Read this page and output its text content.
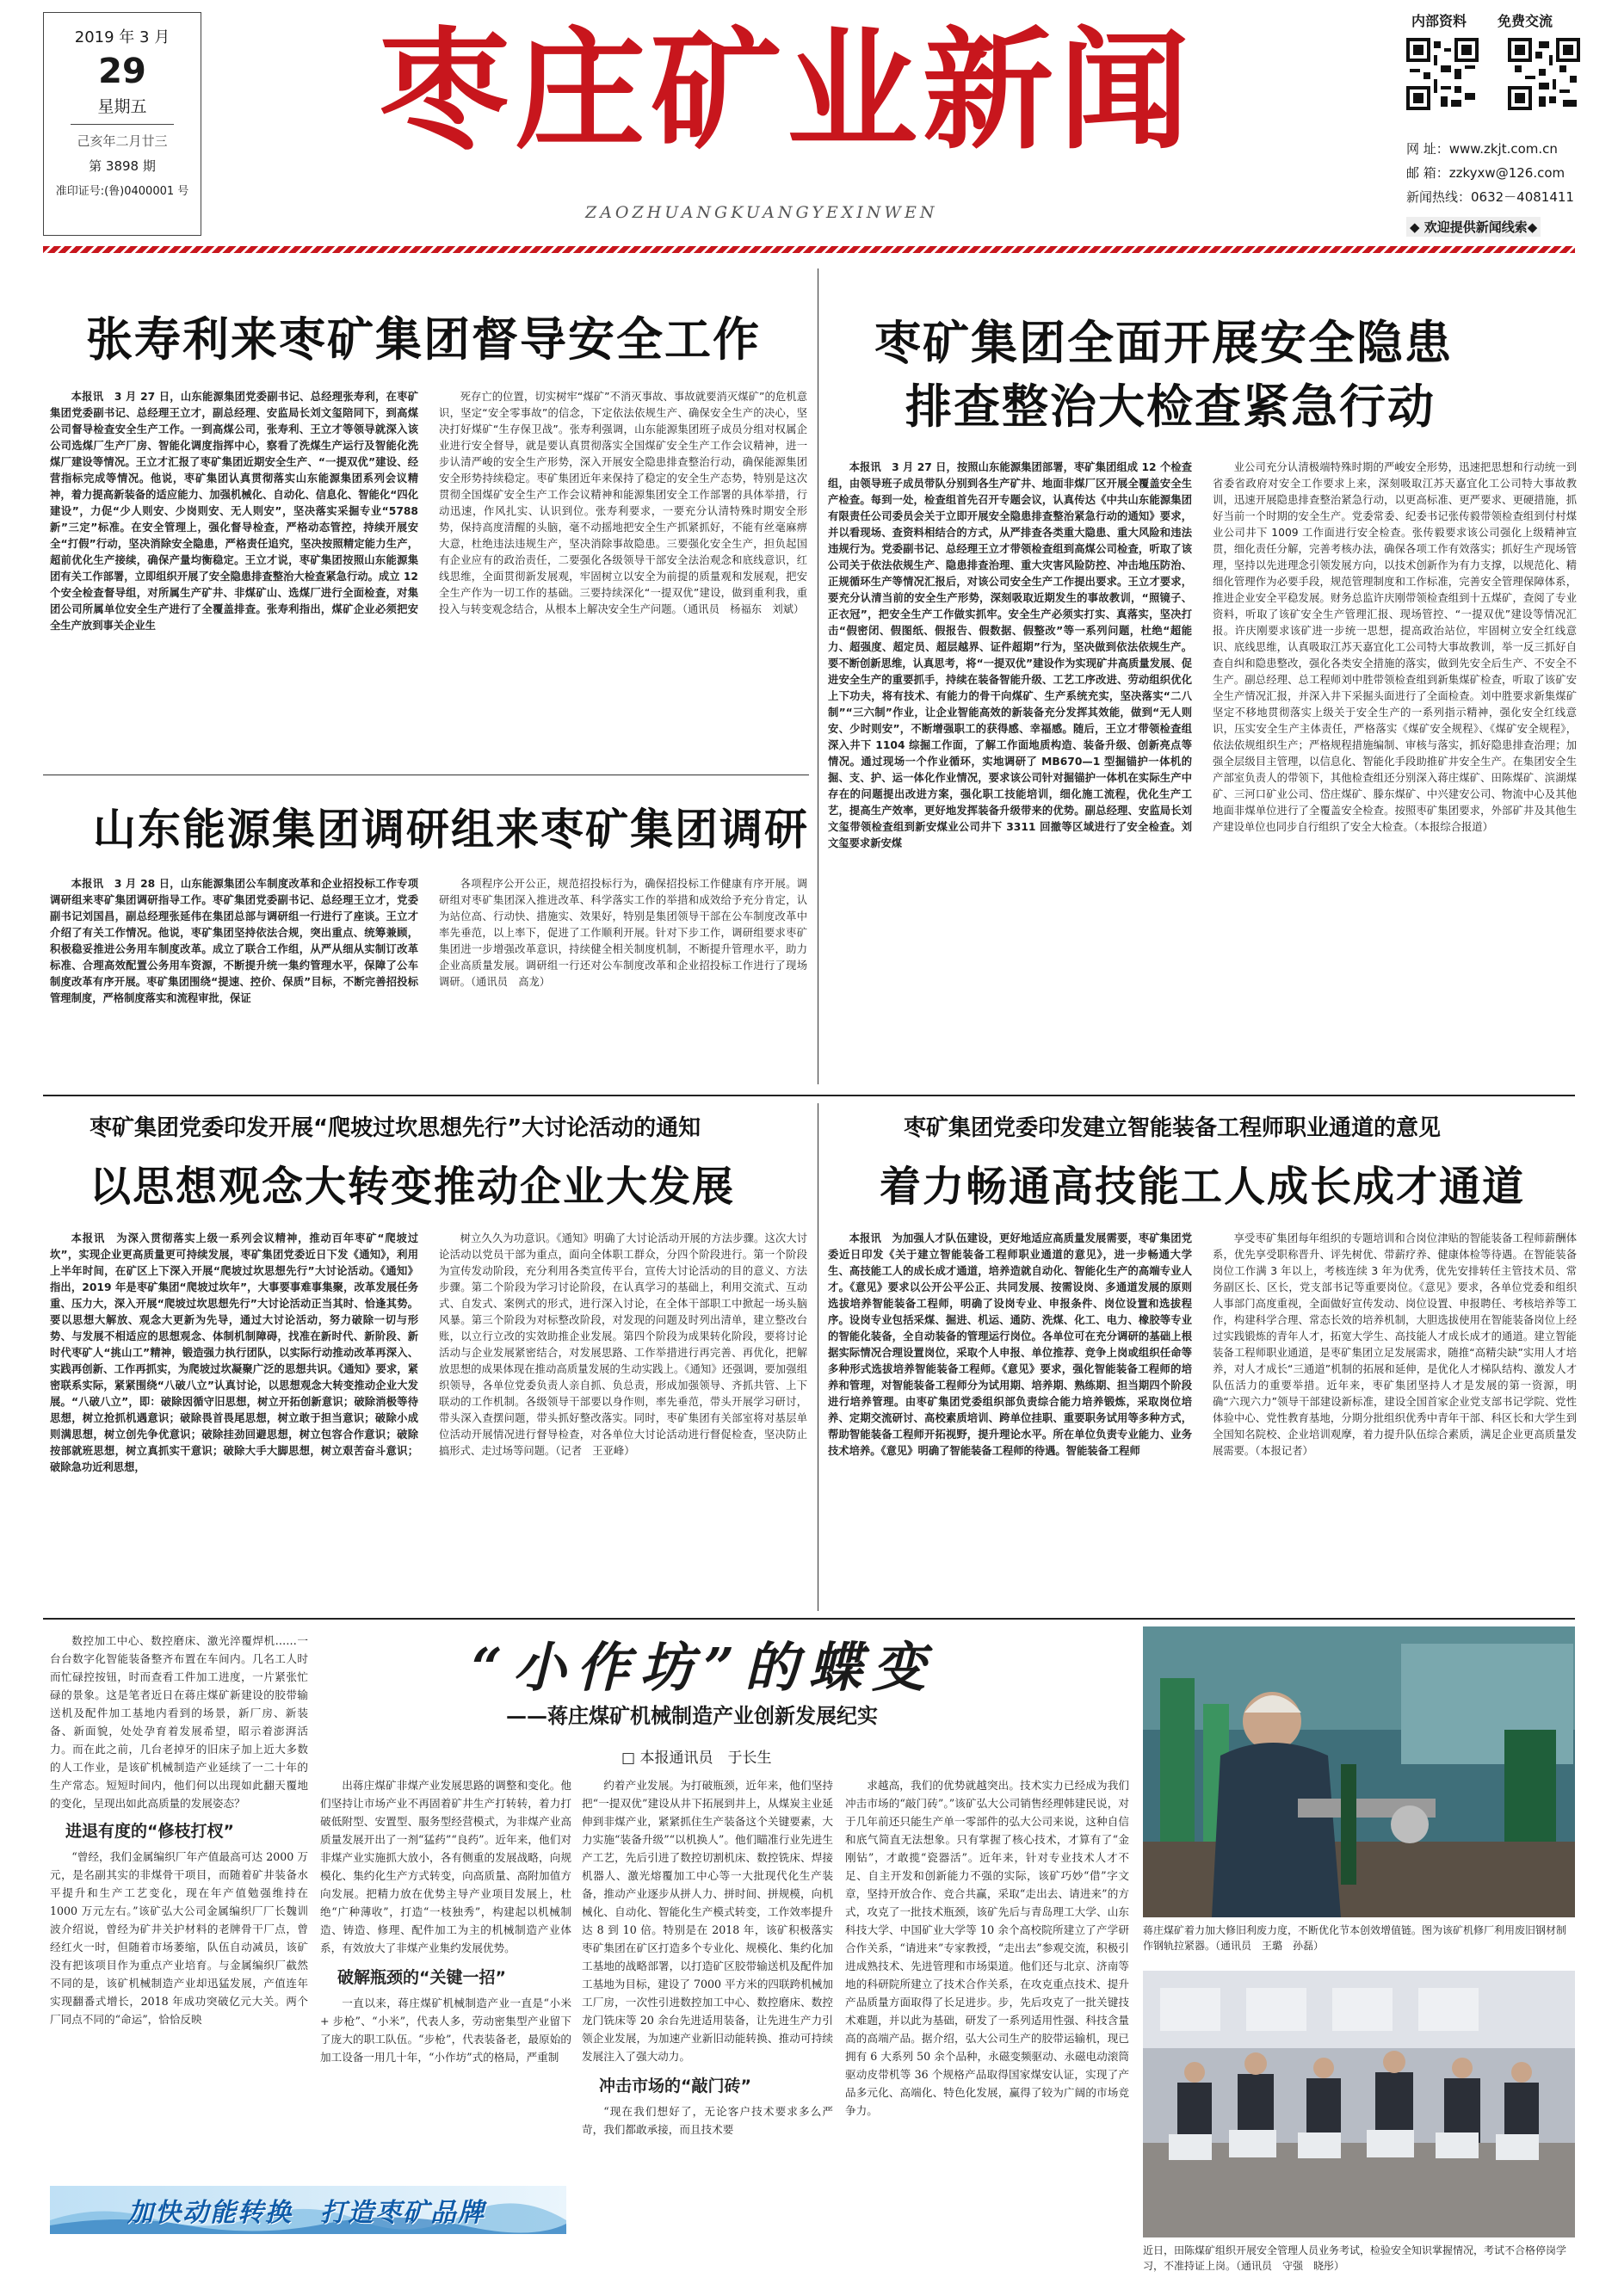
2019 年 3 月
29
星期五
己亥年二月廿三
第 3898 期
准印证号:(鲁)0400001 号
枣庄矿业新闻
ZAOZHUANGKUANGYEXINWEN
内部资料 免费交流
网 址：www.zkjt.com.cn
邮 箱：zzkyxw@126.com
新闻热线：0632－4081411
◆ 欢迎提供新闻线索◆
张寿利来枣矿集团督导安全工作

本报讯　3 月 27 日，山东能源集团党委副书记、总经理张寿利，在枣矿集团党委副书记、总经理王立才，副总经理、安监局长刘文玺陪同下，到高煤公司督导检查安全生产工作。一到高煤公司，张寿利、王立才等领导就深入该公司选煤厂生产厂房、智能化调度指挥中心，察看了洗煤生产运行及智能化洗煤厂建设等情况。王立才汇报了枣矿集团近期安全生产、“一提双优”建设、经营指标完成等情况。他说，枣矿集团认真贯彻落实山东能源集团系列会议精神，着力提高新装备的适应能力、加强机械化、自动化、信息化、智能化“四化建设”，力促“少人则安、少岗则安、无人则安”，坚决落实采掘专业“5788 新”三定”标准。在安全管理上，强化督导检查，严格动态管控，持续开展安全“打假”行动，坚决消除安全隐患，严格责任追究，坚决按照精定能力生产，超前优化生产接续，确保产量均衡稳定。王立才说，枣矿集团按照山东能源集团有关工作部署，立即组织开展了安全隐患排查整治大检查紧急行动。成立 12 个安全检查督导组，对所属生产矿井、非煤矿山、选煤厂进行全面检查，对集团公司所属单位安全生产进行了全覆盖排查。张寿利指出，煤矿企业必须把安全生产放到事关企业生

死存亡的位置，切实树牢“煤矿”不消灭事故、事故就要消灭煤矿”的危机意识，坚定“安全零事故”的信念，下定依法依规生产、确保安全生产的决心，坚决打好煤矿“生存保卫战”。张寿利强调，山东能源集团班子成员分组对权属企业进行安全督导，就是要认真贯彻落实全国煤矿安全生产工作会议精神，进一步认清严峻的安全生产形势，深入开展安全隐患排查整治行动，确保能源集团安全形势持续稳定。枣矿集团近年来保持了稳定的安全生产态势，特别是这次贯彻全国煤矿安全生产工作会议精神和能源集团安全工作部署的具体举措，行动迅速，作风扎实、认识到位。张寿利要求，一要充分认清特殊时期安全形势，保持高度清醒的头脑，毫不动摇地把安全生产抓紧抓好，不能有丝毫麻痹大意，杜绝违法违规生产，坚决消除事故隐患。三要强化安全生产，担负起国有企业应有的政治责任，二要强化各级领导干部安全法治观念和底线意识，红线思维，全面贯彻新发展观，牢固树立以安全为前提的质量观和发展观，把安全生产作为一切工作的基础。三要持续深化“一提双优”建设，做到重利我，重投入与转变观念结合，从根本上解决安全生产问题。（通讯员　杨福东　刘斌）

枣矿集团全面开展安全隐患
排查整治大检查紧急行动

本报讯　3 月 27 日，按照山东能源集团部署，枣矿集团组成 12 个检查组，由领导班子成员带队分别到各生产矿井、地面非煤厂区开展全覆盖安全生产检查。每到一处，检查组首先召开专题会议，认真传达《中共山东能源集团有限责任公司委员会关于立即开展安全隐患排查整治紧急行动的通知》要求，并以看现场、查资料相结合的方式，从严排查各类重大隐患、重大风险和违法违规行为。党委副书记、总经理王立才带领检查组到高煤公司检查，听取了该公司关于依法依规生产、隐患排查治理、重大灾害风险防控、冲击地压防治、正规循环生产等情况汇报后，对该公司安全生产工作提出要求。王立才要求，要充分认清当前的安全生产形势，深刻吸取近期发生的事故教训，“照镜子、正衣冠”，把安全生产工作做实抓牢。安全生产必须实打实、真落实，坚决打击“假密闭、假图纸、假报告、假数据、假整改”等一系列问题，杜绝“超能力、超强度、超定员、超层越界、证件超期”行为，坚决做到依法依规生产。要不断创新思维，认真思考，将“一提双优”建设作为实现矿井高质量发展、促进安全生产的重要抓手，持续在装备智能升级、工艺工序改进、劳动组织优化上下功夫，将有技术、有能力的骨干向煤矿、生产系统充实，坚决落实“二八制”“三六制”作业，让企业智能高效的新装备充分发挥其效能，做到“无人则安、少时则安”，不断增强职工的获得感、幸福感。随后，王立才带领检查组深入井下 1104 综掘工作面，了解工作面地质构造、装备升级、创新亮点等情况。通过现场一个作业循环，实地调研了 MB670—1 型掘锚护一体机的掘、支、护、运一体化作业情况，要求该公司针对掘锚护一体机在实际生产中存在的问题提出改进方案，强化职工技能培训，细化施工流程，优化生产工艺，提高生产效率，更好地发挥装备升级带来的优势。副总经理、安监局长刘文玺带领检查组到新安煤业公司井下 3311 回撤等区域进行了安全检查。刘文玺要求新安煤

业公司充分认清极端特殊时期的严峻安全形势，迅速把思想和行动统一到省委省政府对安全工作要求上来，深刻吸取江苏天嘉宜化工公司特大事故教训，迅速开展隐患排查整治紧急行动，以更高标准、更严要求、更硬措施，抓好当前一个时期的安全生产。党委常委、纪委书记张传毅带领检查组到付村煤业公司井下 1009 工作面进行安全检查。张传毅要求该公司强化上级精神宣贯，细化责任分解，完善考核办法，确保各项工作有效落实；抓好生产现场管理，坚持以先进理念引领发展方向，以技术创新作为有力支撑，以规范化、精细化管理作为必要手段，规范管理制度和工作标准，完善安全管理保障体系，推进企业安全平稳发展。财务总监许庆刚带领检查组到十五煤矿，查阅了专业资料，听取了该矿安全生产管理汇报、现场管控、“一提双优”建设等情况汇报。许庆刚要求该矿进一步统一思想，提高政治站位，牢固树立安全红线意识、底线思维，认真吸取江苏天嘉宜化工公司特大事故教训，举一反三抓好自查自纠和隐患整改，强化各类安全措施的落实，做到先安全后生产、不安全不生产。副总经理、总工程师刘中胜带领检查组到新集煤矿检查，听取了该矿安全生产情况汇报，并深入井下采掘头面进行了全面检查。刘中胜要求新集煤矿坚定不移地贯彻落实上级关于安全生产的一系列指示精神，强化安全红线意识，压实安全生产主体责任，严格落实《煤矿安全规程》、《煤矿安全规程》，依法依规组织生产；严格规程措施编制、审核与落实，抓好隐患排查治理；加强全层级目主管理，以信息化、智能化手段助推矿井安全生产。在集团安全生产部室负责人的带领下，其他检查组还分别深入蒋庄煤矿、田陈煤矿、滨湖煤矿、三河口矿业公司、岱庄煤矿、滕东煤矿、中兴建安公司、物流中心及其他地面非煤单位进行了全覆盖安全检查。按照枣矿集团要求，外部矿井及其他生产建设单位也同步自行组织了安全大检查。（本报综合报道）

山东能源集团调研组来枣矿集团调研

本报讯　3 月 28 日，山东能源集团公车制度改革和企业招投标工作专项调研组来枣矿集团调研指导工作。枣矿集团党委副书记、总经理王立才，党委副书记刘国昌，副总经理张延伟在集团总部与调研组一行进行了座谈。王立才介绍了有关工作情况。他说，枣矿集团坚持依法合规，突出重点、统筹兼顾，积极稳妥推进公务用车制度改革。成立了联合工作组，从严从细从实制订改革标准、合理高效配置公务用车资源，不断提升统一集约管理水平，保障了公车制度改革有序开展。枣矿集团围绕“提速、控价、保质”目标，不断完善招投标管理制度，严格制度落实和流程审批，保证

各项程序公开公正，规范招投标行为，确保招投标工作健康有序开展。调研组对枣矿集团深入推进改革、科学落实工作的举措和成效给予充分肯定，认为站位高、行动快、措施实、效果好，特别是集团领导干部在公车制度改革中率先垂范，以上率下，促进了工作顺利开展。针对下步工作，调研组要求枣矿集团进一步增强改革意识，持续健全相关制度机制，不断提升管理水平，助力企业高质量发展。调研组一行还对公车制度改革和企业招投标工作进行了现场调研。（通讯员　高龙）

枣矿集团党委印发开展“爬坡过坎思想先行”大讨论活动的通知
以思想观念大转变推动企业大发展

本报讯　为深入贯彻落实上级一系列会议精神，推动百年枣矿“爬坡过坎”，实现企业更高质量更可持续发展，枣矿集团党委近日下发《通知》，利用上半年时间，在矿区上下深入开展“爬坡过坎思想先行”大讨论活动。《通知》指出，2019 年是枣矿集团“爬坡过坎年”，大事要事难事集聚，改革发展任务重、压力大，深入开展“爬坡过坎思想先行”大讨论活动正当其时、恰逢其势。要以思想大解放、观念大更新为先导，通过大讨论活动，努力破除一切与形势、与发展不相适应的思想观念、体制机制障碍，找准在新时代、新阶段、新时代枣矿人“挑山工”精神，锻造强力执行团队，以实际行动推动改革再深入、实践再创新、工作再抓实，为爬坡过坎凝聚广泛的思想共识。《通知》要求，紧密联系实际，紧紧围绕“八破八立”认真讨论，以思想观念大转变推动企业大发展。“八破八立”，即：破除因循守旧思想，树立开拓创新意识；破除消极等待思想，树立抢抓机遇意识；破除畏首畏尾思想，树立敢于担当意识；破除小成则满思想，树立创先争优意识；破除挂劲回避思想，树立包容合作意识；破除按部就班思想，树立真抓实干意识；破除大手大脚思想，树立艰苦奋斗意识；破除急功近利思想，

树立久久为功意识。《通知》明确了大讨论活动开展的方法步骤。这次大讨论活动以党员干部为重点，面向全体职工群众，分四个阶段进行。第一个阶段为宣传发动阶段，充分利用各类宣传平台，宣传大讨论活动的目的意义、方法步骤。第二个阶段为学习讨论阶段，在认真学习的基础上，利用交流式、互动式、自发式、案例式的形式，进行深入讨论，在全体干部职工中掀起一场头脑风暴。第三个阶段为对标整改阶段，对发现的问题及时列出清单，建立整改台账，以立行立改的实效助推企业发展。第四个阶段为成果转化阶段，要将讨论活动与企业发展紧密结合，对发展思路、工作举措进行再完善、再优化，把解放思想的成果体现在推动高质量发展的生动实践上。《通知》还强调，要加强组织领导，各单位党委负责人亲自抓、负总责，形成加强领导、齐抓共管、上下联动的工作机制。各级领导干部要以身作则，率先垂范，带头开展学习研讨，带头深入查摆问题，带头抓好整改落实。同时，枣矿集团有关部室将对基层单位活动开展情况进行督导检查，对各单位大讨论活动进行督促检查，坚决防止搞形式、走过场等问题。（记者　王亚峰）

枣矿集团党委印发建立智能装备工程师职业通道的意见
着力畅通高技能工人成长成才通道

本报讯　为加强人才队伍建设，更好地适应高质量发展需要，枣矿集团党委近日印发《关于建立智能装备工程师职业通道的意见》，进一步畅通大学生、高技能工人的成长成才通道，培养造就自动化、智能化生产的高端专业人才。《意见》要求以公开公平公正、共同发展、按需设岗、多通道发展的原则选拔培养智能装备工程师，明确了设岗专业、申报条件、岗位设置和选拔程序。设岗专业包括采煤、掘进、机运、通防、洗煤、化工、电力、橡胶等专业的智能化装备，全自动装备的管理运行岗位。各单位可在充分调研的基础上根据实际情况合理设置岗位，采取个人申报、单位推荐、竞争上岗或组织任命等多种形式选拔培养智能装备工程师。《意见》要求，强化智能装备工程师的培养和管理，对智能装备工程师分为试用期、培养期、熟练期、担当期四个阶段进行培养管理。由枣矿集团党委组织部负责综合能力培养锻炼，采取岗位培养、定期交流研讨、高校素质培训、跨单位挂职、重要职务试用等多种方式，帮助智能装备工程师开拓视野，提升理论水平。所在单位负责专业能力、业务技术培养。《意见》明确了智能装备工程师的待遇。智能装备工程师

享受枣矿集团每年组织的专题培训和合岗位津贴的智能装备工程师薪酬体系，优先享受职称晋升、评先树优、带薪疗养、健康体检等待遇。在智能装备岗位工作满 3 年以上，考核连续 3 年为优秀，优先安排转任主管技术员、常务副区长、区长，党支部书记等重要岗位。《意见》要求，各单位党委和组织人事部门高度重视，全面做好宣传发动、岗位设置、申报聘任、考核培养等工作，构建科学合理、常态长效的培养机制，大胆选拔使用在智能装备岗位上经过实践锻炼的青年人才，拓宽大学生、高技能人才成长成才的通道。建立智能装备工程师职业通道，是枣矿集团立足发展需求，随推“高精尖缺”实用人才培养，对人才成长“三通道”机制的拓展和延伸，是优化人才梯队结构、激发人才队伍活力的重要举措。近年来，枣矿集团坚持人才是发展的第一资源，明确“六现六力”领导干部建设新标准，建设全国首家企业党支部书记学院、党性体验中心、党性教育基地，分期分批组织优秀中青年干部、科区长和大学生到全国知名院校、企业培训观摩，着力提升队伍综合素质，满足企业更高质量发展需要。（本报记者）

“小作坊”的蝶变
——蒋庄煤矿机械制造产业创新发展纪实
□ 本报通讯员　于长生

数控加工中心、数控磨床、激光淬覆焊机……一台台数字化智能装备整齐布置在车间内。几名工人时而忙碌控按钮，时而查看工件加工进度，一片紧张忙碌的景象。这是笔者近日在蒋庄煤矿新建设的胶带输送机及配件加工基地内看到的场景，新厂房、新装备、新面貌，处处孕育着发展希望，昭示着澎湃活力。而在此之前，几台老掉牙的旧床子加上近大多数的人工作业，是该矿机械制造产业延续了一二十年的生产常态。短短时间内，他们何以出现如此翻天覆地的变化，呈现出如此高质量的发展姿态？

进退有度的“修枝打杈”

“曾经，我们金属编织厂年产值最高可达 2000 万元，是名副其实的非煤骨干项目，而随着矿井装备水平提升和生产工艺变化，现在年产值勉强维持在 1000 万元左右。”该矿弘大公司金属编织厂厂长魏训波介绍说，曾经为矿井关护材料的老牌骨干厂点，曾经红火一时，但随着市场萎缩，队伍自动减员，该矿没有把该项目作为重点产业培育。与金属编织厂截然不同的是，该矿机械制造产业却迅猛发展，产值连年实现翻番式增长，2018 年成功突破亿元大关。两个厂同点不同的“命运”，恰恰反映

出蒋庄煤矿非煤产业发展思路的调整和变化。他们坚持让市场产业不再固着矿井生产打转转，着力打破低附型、安置型、服务型经营模式，为非煤产业高质量发展开出了一剂“猛药”“良药”。近年来，他们对非煤产业实施抓大放小，各有侧重的发展战略，向规模化、集约化生产方式转变，向高质量、高附加值方向发展。把精力放在优势主导产业项目发展上，杜绝“广种薄收”，打造“一枝独秀”，构建起以机械制造、铸造、修理、配件加工为主的机械制造产业体系，有效放大了非煤产业集约发展优势。

破解瓶颈的“关键一招”

一直以来，蒋庄煤矿机械制造产业一直是“小米 + 步枪”、“小米”，代表人多，劳动密集型产业留下了庞大的职工队伍。“步枪”，代表装备老，最原始的加工设备一用几十年，“小作坊”式的格局，严重制

约着产业发展。为打破瓶颈，近年来，他们坚持把“一提双优”建设从井下拓展到井上，从煤炭主业延伸到非煤产业，紧紧抓住生产装备这个关键要素，大力实施“装备升级”“以机换人”。他们瞄准行业先进生产工艺，先后引进了数控切割机床、数控铣床、焊接机器人、激光熔覆加工中心等一大批现代化生产装备，推动产业逐步从拼人力、拼时间、拼规模，向机械化、自动化、智能化生产模式转变，工作效率提升达 8 到 10 倍。特别是在 2018 年，该矿积极落实枣矿集团在矿区打造多个专业化、规模化、集约化加工基地的战略部署，以打造矿区胶带输送机及配件加工基地为目标，建设了 7000 平方米的四联跨机械加工厂房，一次性引进数控加工中心、数控磨床、数控龙门铣床等 20 余台先进适用装备，让先进生产力引领企业发展，为加速产业新旧动能转换、推动可持续发展注入了强大动力。

冲击市场的“敲门砖”

“现在我们想好了，无论客户技术要求多么严苛，我们都敢承接，而且技术要

求越高，我们的优势就越突出。技术实力已经成为我们冲击市场的“敲门砖”。”该矿弘大公司销售经理韩建民说，对于几年前还只能生产单一零部件的弘大公司来说，这种自信和底气简直无法想象。只有掌握了核心技术，才算有了“金刚钻”，才敢揽“瓷器活”。近年来，针对专业技术人才不足、自主开发和创新能力不强的实际，该矿巧妙“借”字文章，坚持开放合作、竞合共赢，采取“走出去、请进来”的方式，攻克了一批技术瓶颈，该矿先后与青岛理工大学、山东科技大学、中国矿业大学等 10 余个高校院所建立了产学研合作关系，“请进来”专家教授，“走出去”参观交流，积极引进成熟技术、先进管理和市场渠道。他们还与北京、济南等地的科研院所建立了技术合作关系，在攻克重点技术、提升产品质量方面取得了长足进步。步，先后攻克了一批关键技术难题，并以此为基础，研发了一系列适用性强、科技含量高的高端产品。据介绍，弘大公司生产的胶带运输机，现已拥有 6 大系列 50 余个品种，永磁变频驱动、永磁电动滚筒驱动皮带机等 36 个规格产品取得国家煤安认证，实现了产品多元化、高端化、特色化发展，赢得了较为广阔的市场竞争力。

加快动能转换　打造枣矿品牌
蒋庄煤矿着力加大修旧利废力度，不断优化节本创效增值链。图为该矿机修厂利用废旧钢材制作钢轨拉紧器。（通讯员　王璐　孙磊）
近日，田陈煤矿组织开展安全管理人员业务考试，检验安全知识掌握情况，考试不合格停岗学习，不准持证上岗。（通讯员　守强　晓彤）
